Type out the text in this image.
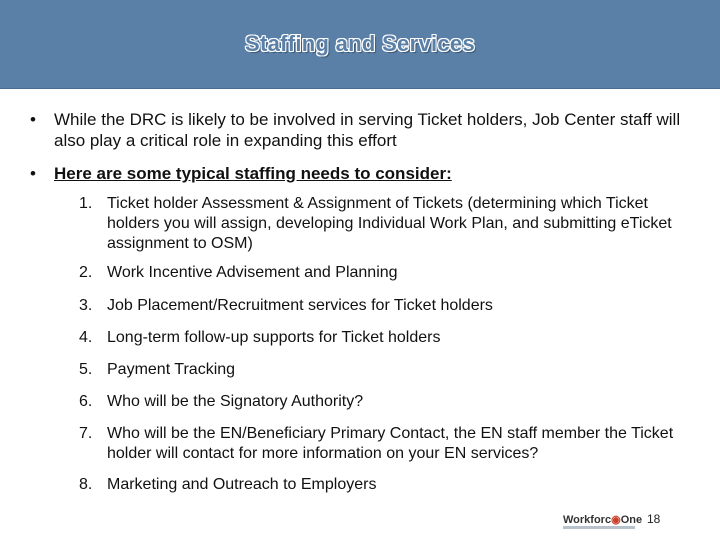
Staffing and Services
• While the DRC is likely to be involved in serving Ticket holders, Job Center staff will also play a critical role in expanding this effort
• Here are some typical staffing needs to consider:
1. Ticket holder Assessment & Assignment of Tickets (determining which Ticket holders you will assign, developing Individual Work Plan, and submitting eTicket assignment to OSM)
2. Work Incentive Advisement and Planning
3. Job Placement/Recruitment services for Ticket holders
4. Long-term follow-up supports for Ticket holders
5. Payment Tracking
6. Who will be the Signatory Authority?
7. Who will be the EN/Beneficiary Primary Contact, the EN staff member the Ticket holder will contact for more information on your EN services?
8. Marketing and Outreach to Employers
Workforc◉One 18
